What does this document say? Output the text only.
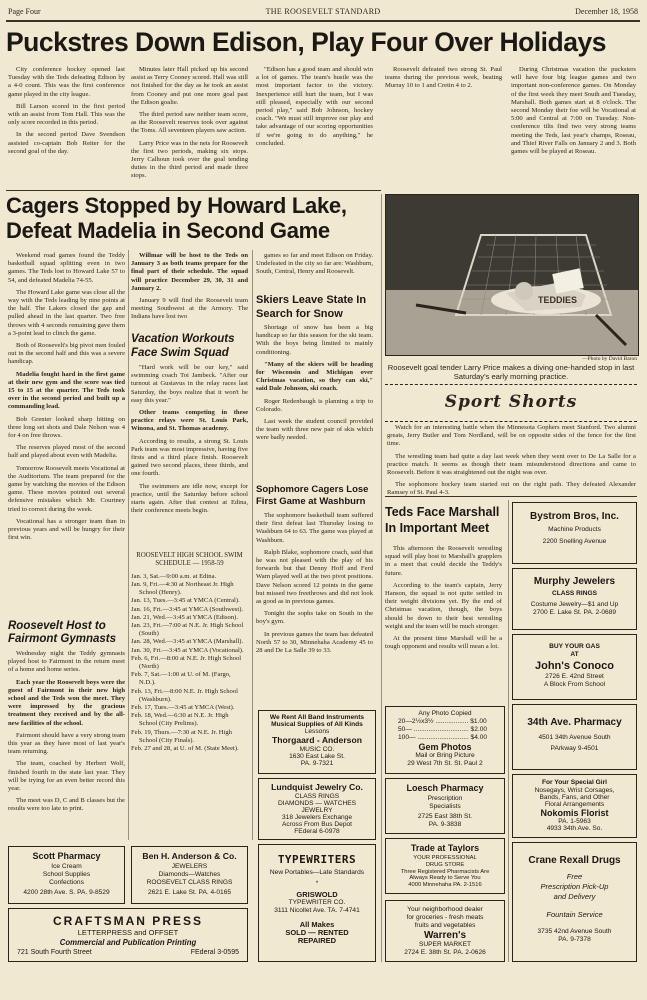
Page Four	THE ROOSEVELT STANDARD	December 18, 1958
Puckstres Down Edison, Play Four Over Holidays

City conference hockey opened last Tuesday with the Teds defeating Edison by a 4-0 count. This was the first conference game played in the city league.

Bill Larson scored in the first period with an assist from Tom Hall. This was the only score recorded in this period.

In the second period Dave Svendson assisted co-captain Bob Reiter for the second goal of the day.

Minutes later Hall picked up his second assist as Terry Cooney scored. Hall was still not finished for the day as he took an assist from Cooney and put one more goal past the Edison goalie.

The third period saw neither team score, as the Roosevelt reserves took over against the Toms. All seventeen players saw action.

Larry Price was in the nets for Roosevelt the first two periods, making six stops. Jerry Calhoun took over the goal tending duties in the third period and made three stops.

"Edison has a good team and should win a lot of games. The team's hustle was the most important factor to the victory. Inexperience still hurt the team, but I was still pleased, especially with our second period play," said Bob Johnson, hockey coach. "We must still improve our play and take advantage of our scoring opportunities if we're going to do anything," he concluded.

Roosevelt defeated two strong St. Paul teams during the previous week, beating Murray 10 to 1 and Cretin 4 to 2.

During Christmas vacation the pucksters will have four big league games and two important non-conference games. On Monday of the first week they meet South and Tuesday, Marshall. Both games start at 8 o'clock. The second Monday their foe will be Vocational at 5:00 and Central at 7:00 on Tuesday. Non-conference tilts find two very strong teams meeting the Teds, last year's champs, Roseau, and Thief River Falls on January 2 and 3. Both games will be played at Roseau.

Cagers Stopped by Howard Lake, Defeat Madelia in Second Game

Weekend road games found the Teddy basketball squad splitting even in two games. The Teds lost to Howard Lake 57 to 54, and defeated Madelia 74-55.

The Howard Lake game was close all the way with the Teds leading by nine points at the half. The Lakers closed the gap and pulled ahead in the last quarter. Two free throws with 4 seconds remaining gave them a 3-point lead to clinch the game.

Both of Roosevelt's big pivot men fouled out in the second half and this was a severe handicap.

Madelia fought hard in the first game at their new gym and the score was tied 15 to 15 at the quarter. The Teds took over in the second period and built up a commanding lead.

Bob Grenier looked sharp hitting on three long set shots and Dale Nelson was 4 for 4 on free throws.

The reserves played most of the second half and played about even with Madelia.

Tomorrow Roosevelt meets Vocational at the Auditorium. The team prepared for the game by watching the movies of the Edison game. These movies pointed out several defensive mistakes which Mr. Courtney tried to correct during the week.

Vocational has a stronger team than in previous years and will be hungry for their first win.

Roosevelt Host to Fairmont Gymnasts

Wednesday night the Teddy gymnasts played host to Fairmont in the return meet of a home and home series.

Each year the Roosevelt boys were the guest of Fairmont in their new high school and the Teds won the meet. They were impressed by the gracious treatment they received and by the all-new facilities of the school.

Fairmont should have a very strong team this year as they have most of last year's team returning.

The team, coached by Herbert Wolf, finished fourth in the state last year. They will be trying for an even better record this year.

The meet was D, C and B classes but the results were too late to print.

Willmar will be host to the Teds on January 3 as both teams prepare for the final part of their schedule. The squad will practice December 29, 30, 31 and January 2.

January 9 will find the Roosevelt team meeting Southwest at the Armory. The Indians have lost two

Vacation Workouts Face Swim Squad

"Hard work will be our key," said swimming coach Toi Jambeck. "After our turnout at Gustavus in the relay races last Saturday, the boys realize that it won't be easy this year."

Other teams competing in these practice relays were St. Louis Park, Winona, and St. Thomas academy.

According to results, a strong St. Louis Park team was most impressive, having five firsts and a third place finish. Roosevelt gained two second places, three thirds, and one fourth.

The swimmers are idle now, except for practice, until the Saturday before school starts again. After that contest at Edina, their conference meets begin.

ROOSEVELT HIGH SCHOOL SWIM SCHEDULE — 1958-59

Jan. 3, Sat.—9:00 a.m. at Edina.

Jan. 9, Fri.—4:30 at Northeast Jr. High School (Henry).

Jan. 13, Tues.—3:45 at YMCA (Central).

Jan. 16, Fri.—3:45 at YMCA (Southwest).

Jan. 21, Wed.—3:45 at YMCA (Edison).

Jan. 23, Fri.—7:00 at N.E. Jr. High School (South)

Jan. 28, Wed.—3:45 at YMCA (Marshall).

Jan. 30, Fri.—3:45 at YMCA (Vocational).

Feb. 6, Fri.—8:00 at N.E. Jr. High School (North)

Feb. 7, Sat.—1:00 at U. of M. (Fargo, N.D.).

Feb. 13, Fri.—8:00 N.E. Jr. High School (Washburn).

Feb. 17, Tues.—3:45 at YMCA (West).

Feb. 18, Wed.—6:30 at N.E. Jr. High School (City Prelims).

Feb. 19, Thurs.—7:30 at N.E. Jr. High School (City Finals).

Feb. 27 and 28, at U. of M. (State Meet).

games so far and meet Edison on Friday. Undefeated in the city so far are: Washburn, South, Central, Henry and Roosevelt.

Skiers Leave State In Search for Snow

Shortage of snow has been a big handicap so far this season for the ski team. With the boys being limited to mainly conditioning.

"Many of the skiers will be heading for Wisconsin and Michigan over Christmas vacation, so they can ski," said Dale Johnson, ski coach.

Roger Redenbaugh is planning a trip to Colorado.

Last week the student council provided the team with three new pair of skis which were badly needed.

Sophomore Cagers Lose First Game at Washburn

The sophomore basketball team suffered their first defeat last Thursday losing to Washburn 64 to 63. The game was played at Washburn.

Ralph Blake, sophomore coach, said that he was not pleased with the play of his forwards but that Denny Hoff and Ferd Warn played well at the two pivot positions. Dave Nelson scored 12 points in the game but missed two freethrows and did not look as good as in previous games.

Tonight the sophs take on South in the boy's gym.

In previous games the team has defeated North 57 to 30, Minnehaha Academy 45 to 28 and De La Salle 39 to 33.

TEDDIES
—Photo by David Baron
Roosevelt goal tender Larry Price makes a diving one-handed stop in last Saturday's early morning practice.
Sport Shorts

Watch for an interesting battle when the Minnesota Gophers meet Stanford. Two alumni greats, Jerry Butler and Tom Nordland, will be on opposite sides of the fence for the first time.

The wrestling team had quite a day last week when they went over to De La Salle for a practice match. It seems as though their team misunderstood directions and came to Roosevelt. Before it was straightened out the night was over.

The sophomore hockey team started out on the right path. They defeated Alexander Ramsey of St. Paul 4-3.

Teds Face Marshall In Important Meet

This afternoon the Roosevelt wrestling squad will play host to Marshall's grapplers in a meet that could decide the Teddy's future.

According to the team's captain, Jerry Hanson, the squad is not quite settled in their weight divisions yet. By the end of Christmas vacation, though, the boys should be down to their best wrestling weight and the team will be much stronger.

At the present time Marshall will be a tough opponent and results will mean a lot.

Bystrom Bros, Inc.
Machine Products
2200 Snelling Avenue
Murphy Jewelers
CLASS RINGS
Costume Jewelry—$1 and Up
2700 E. Lake St. PA. 2-0689
BUY YOUR GAS
AT
John's Conoco
2726 E. 42nd Street
A Block From School
34th Ave. Pharmacy
4501 34th Avenue South
PArkway 9-4501
For Your Special Girl
Nosegays, Wrist Corsages,
Bands, Fans, and Other
Floral Arrangements
Nokomis Florist
PA. 1-5963
4933 34th Ave. So.
Crane Rexall Drugs
Free
Prescription Pick-Up
and Delivery
Fountain Service
3735 42nd Avenue South
PA. 9-7378
We Rent All Band Instruments
Musical Supplies of All Kinds
Lessons
Thorgaard - Anderson
MUSIC CO.
1630 East Lake St.
PA. 9-7321
Lundquist Jewelry Co.
CLASS RINGS
DIAMONDS — WATCHES
JEWELRY
318 Jewelers Exchange
Across From Bus Depot
FEderal 6-0978
TYPEWRITERS
New Portables—Late Standards
*
GRISWOLD
TYPEWRITER CO.
3111 Nicollet Ave. TA. 7-4741
All Makes
SOLD — RENTED
REPAIRED
Any Photo Copied
20—2½x3½ .................. $1.00
50— .............................. $2.00
100— ............................ $4.00
Gem Photos
Mail or Bring Picture
29 West 7th St. St. Paul 2
Loesch Pharmacy
Prescription
Specialists
2725 East 38th St.
PA. 9-3838
Trade at Taylors
YOUR PROFESSIONAL
DRUG STORE
Three Registered Pharmacists Are
Always Ready to Serve You
4000 Minnehaha PA. 2-1516
Your neighborhood dealer
for groceries - fresh meats
fruits and vegetables
Warren's
SUPER MARKET
2724 E. 38th St. PA. 2-0626
Scott Pharmacy
Ice Cream
School Supplies
Confections
4200 28th Ave. S. PA. 9-8529
Ben H. Anderson & Co.
JEWELERS
Diamonds—Watches
ROOSEVELT CLASS RINGS
2621 E. Lake St. PA. 4-0165
CRAFTSMAN PRESS
LETTERPRESS and OFFSET
Commercial and Publication Printing
721 South Fourth Street	FEderal 3-0595
